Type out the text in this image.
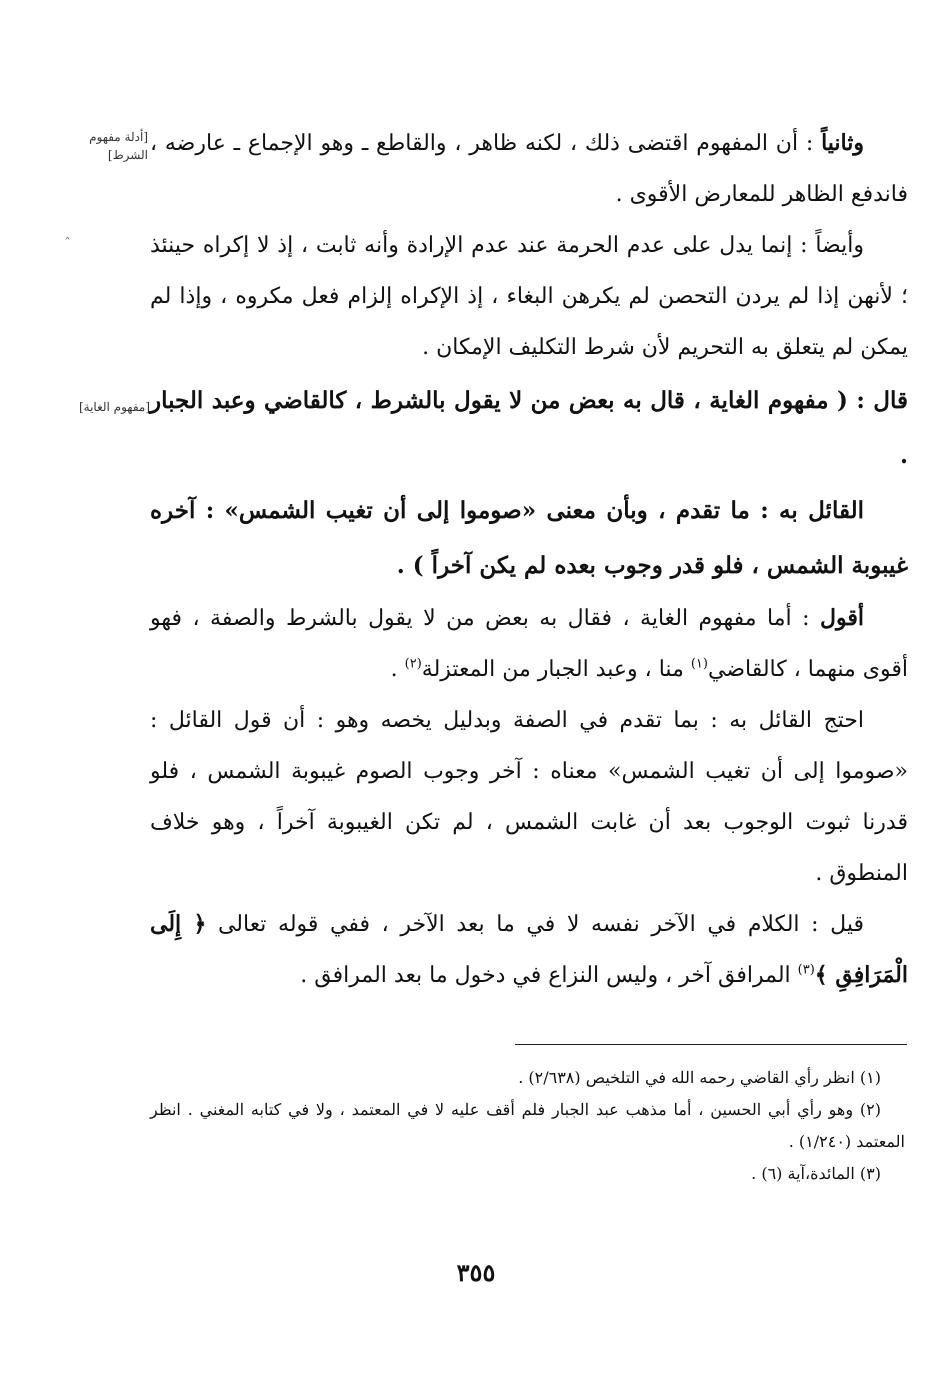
[أدلة مفهوم الشرط]
[مفهوم الغاية]
ˆ

وثانياً : أن المفهوم اقتضى ذلك ، لكنه ظاهر ، والقاطع ـ وهو الإجماع ـ عارضه ، فاندفع الظاهر للمعارض الأقوى .

وأيضاً : إنما يدل على عدم الحرمة عند عدم الإرادة وأنه ثابت ، إذ لا إكراه حينئذ ؛ لأنهن إذا لم يردن التحصن لم يكرهن البغاء ، إذ الإكراه إلزام فعل مكروه ، وإذا لم يمكن لم يتعلق به التحريم لأن شرط التكليف الإمكان .

قال : ( مفهوم الغاية ، قال به بعض من لا يقول بالشرط ، كالقاضي وعبد الجبار .

القائل به : ما تقدم ، وبأن معنى «صوموا إلى أن تغيب الشمس» : آخره غيبوبة الشمس ، فلو قدر وجوب بعده لم يكن آخراً ) .

أقول : أما مفهوم الغاية ، فقال به بعض من لا يقول بالشرط والصفة ، فهو أقوى منهما ، كالقاضي$^{(١)}$ منا ، وعبد الجبار من المعتزلة$^{(٢)}$ .

احتج القائل به : بما تقدم في الصفة وبدليل يخصه وهو : أن قول القائل : «صوموا إلى أن تغيب الشمس» معناه : آخر وجوب الصوم غيبوبة الشمس ، فلو قدرنا ثبوت الوجوب بعد أن غابت الشمس ، لم تكن الغيبوبة آخراً ، وهو خلاف المنطوق .

قيل : الكلام في الآخر نفسه لا في ما بعد الآخر ، ففي قوله تعالى ﴿ إِلَى الْمَرَافِقِ ﴾$^{(٣)}$ المرافق آخر ، وليس النزاع في دخول ما بعد المرافق .

(١) انظر رأي القاضي رحمه الله في التلخيص (٢/٦٣٨) .

(٢) وهو رأي أبي الحسين ، أما مذهب عبد الجبار فلم أقف عليه لا في المعتمد ، ولا في كتابه المغني . انظر المعتمد (١/٢٤٠) .

(٣) المائدة،آية (٦) .

٣٥٥
